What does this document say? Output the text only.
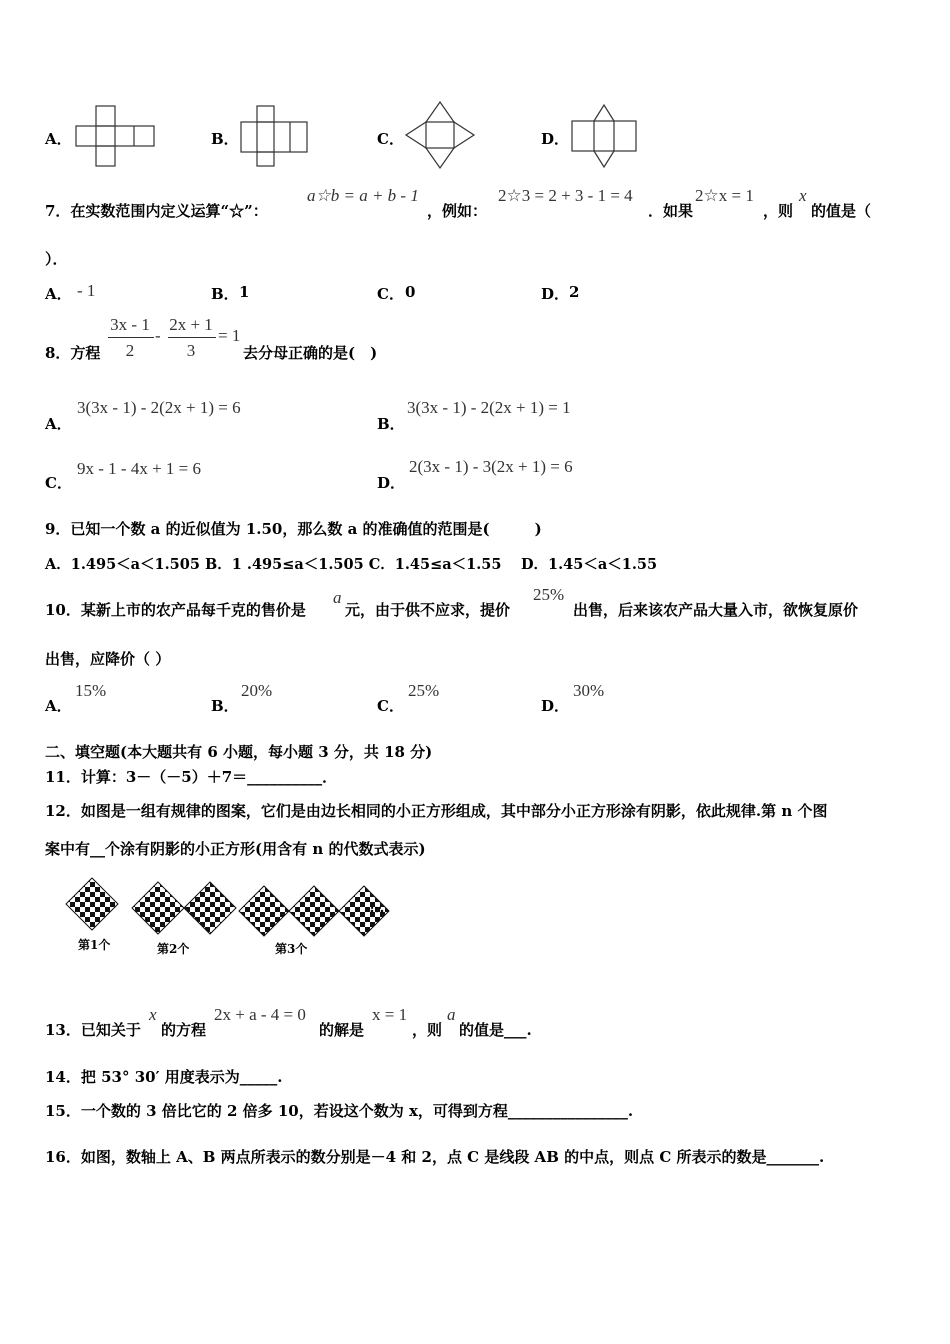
A．	B．	C．	D．
7．在实数范围内定义运算“☆”：
a☆b = a + b - 1
，例如：
2☆3 = 2 + 3 - 1 = 4
．如果
2☆x = 1
，则
x
的值是（
）．
A． - 1	B． 1	C． 0	D． 2
8．方程
3x - 1
2
-
2x + 1
3
= 1
去分母正确的是(　)
A．
3(3x - 1) - 2(2x + 1) = 6
B．
3(3x - 1) - 2(2x + 1) = 1
C．
9x - 1 - 4x + 1 = 6
D．
2(3x - 1) - 3(2x + 1) = 6
9．已知一个数 a 的近似值为 1.50，那么数 a 的准确值的范围是(　　　)
A．1.495＜a＜1.505 B．1 .495≤a＜1.505 C．1.45≤a＜1.55　 D．1.45＜a＜1.55
10．某新上市的农产品每千克的售价是
a
元，由于供不应求，提价
25%
出售，后来该农产品大量入市，欲恢复原价
出售，应降价（ ）
A．
15%
B．
20%
C．
25%
D．
30%
二、填空题(本大题共有 6 小题，每小题 3 分，共 18 分)
11．计算：3－（－5）＋7＝__________．
12．如图是一组有规律的图案，它们是由边长相同的小正方形组成，其中部分小正方形涂有阴影，依此规律.第 n 个图
案中有__个涂有阴影的小正方形(用含有 n 的代数式表示)
第1个	第2个	第3个
…
13．已知关于
x
的方程
2x + a - 4 = 0
的解是
x = 1
，则
a
的值是___.
14．把 53° 30′ 用度表示为_____.
15．一个数的 3 倍比它的 2 倍多 10，若设这个数为 x，可得到方程________________.
16．如图，数轴上 A、B 两点所表示的数分别是－4 和 2，点 C 是线段 AB 的中点，则点 C 所表示的数是_______.
